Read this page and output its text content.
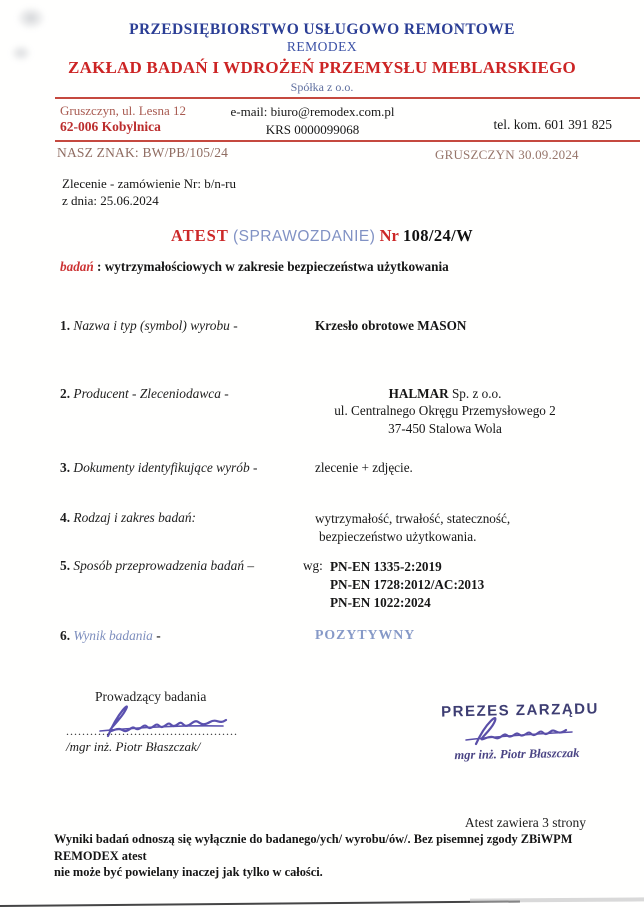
PRZEDSIĘBIORSTWO USŁUGOWO REMONTOWE
REMODEX
ZAKŁAD BADAŃ I WDROŻEŃ PRZEMYSŁU MEBLARSKIEGO
Spółka z o.o.
Gruszczyn, ul. Lesna 12
62-006 Kobylnica
e-mail: biuro@remodex.com.pl
KRS 0000099068	tel. kom. 601 391 825
NASZ ZNAK: BW/PB/105/24	GRUSZCZYN 30.09.2024
Zlecenie - zamówienie Nr: b/n-ru
z dnia: 25.06.2024
ATEST (SPRAWOZDANIE) Nr 108/24/W
badań : wytrzymałościowych w zakresie bezpieczeństwa użytkowania
1. Nazwa i typ (symbol) wyrobu -	Krzesło obrotowe MASON
2. Producent - Zleceniodawca -	HALMAR Sp. z o.o.
ul. Centralnego Okręgu Przemysłowego 2
37-450 Stalowa Wola
3. Dokumenty identyfikujące wyrób -	zlecenie + zdjęcie.
4. Rodzaj i zakres badań:	wytrzymałość, trwałość, stateczność,
bezpieczeństwo użytkowania.
5. Sposób przeprowadzenia badań –	wg: PN-EN 1335-2:2019
PN-EN 1728:2012/AC:2013
PN-EN 1022:2024
6. Wynik badania -	POZYTYWNY
Prowadzący badania
...........................................
/mgr inż. Piotr Błaszczak/
PREZES ZARZĄDU
mgr inż. Piotr Błaszczak
Atest zawiera 3 strony
Wyniki badań odnoszą się wyłącznie do badanego/ych/ wyrobu/ów/. Bez pisemnej zgody ZBiWPM REMODEX atest
nie może być powielany inaczej jak tylko w całości.
